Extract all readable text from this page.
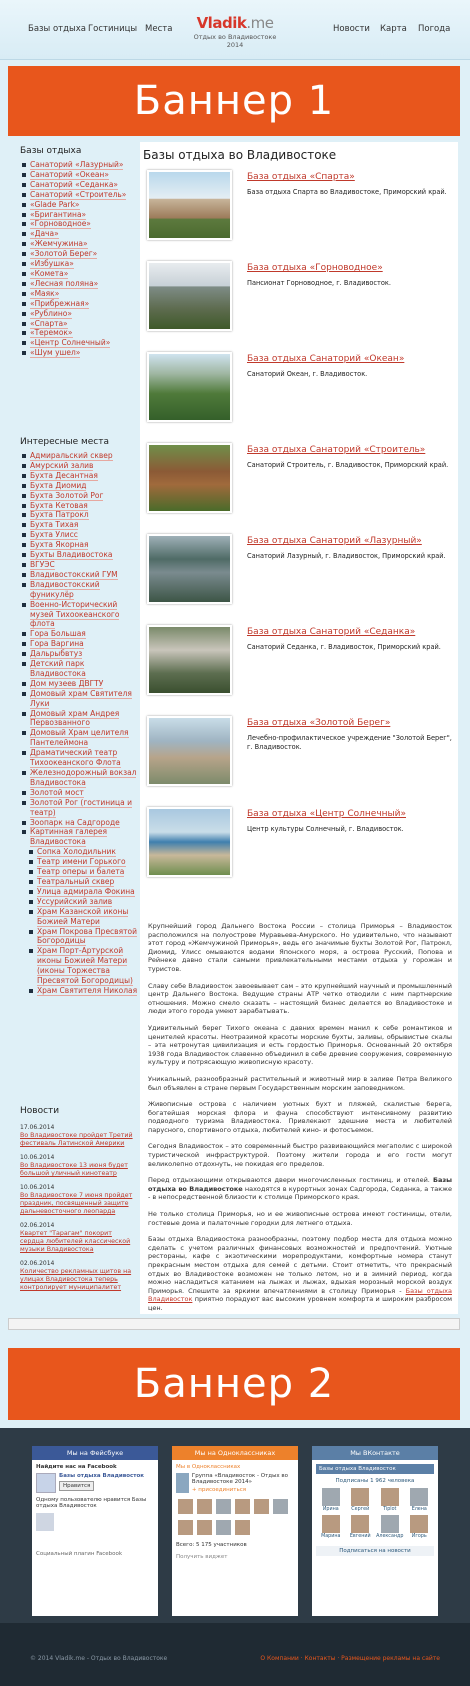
Базы отдыха Гостиницы Места	Vladik.me
Отдых во Владивостоке 2014
Новости Карта Погода
Баннер 1
Базы отдыха
Санаторий «Лазурный»
Санаторий «Океан»
Санаторий «Седанка»
Санаторий «Строитель»
«Glade Park»
«Бригантина»
«Горноводное»
«Дача»
«Жемчужина»
«Золотой Берег»
«Избушка»
«Комета»
«Лесная поляна»
«Маяк»
«Прибрежная»
«Рублино»
«Спарта»
«Теремок»
«Центр Солнечный»
«Шум ушел»
Интересные места
Адмиральский сквер
Амурский залив
Бухта Десантная
Бухта Диомид
Бухта Золотой Рог
Бухта Кетовая
Бухта Патрокл
Бухта Тихая
Бухта Улисс
Бухта Якорная
Бухты Владивостока
ВГУЭС
Владивостокский ГУМ
Владивостокский фуникулёр
Военно-Исторический музей Тихоокеанского флота
Гора Большая
Гора Варгина
Дальрыбвтуз
Детский парк Владивостока
Дом музеев ДВГТУ
Домовый храм Святителя Луки
Домовый храм Андрея Первозванного
Домовый Храм целителя Пантелеймона
Драматический театр Тихоокеанского Флота
Железнодорожный вокзал Владивостока
Золотой мост
Золотой Рог (гостиница и театр)
Зоопарк на Садгороде
Картинная галерея Владивостока
Сопка Холодильник
Театр имени Горького
Театр оперы и балета
Театральный сквер
Улица адмирала Фокина
Уссурийский залив
Храм Казанской иконы Божией Матери
Храм Покрова Пресвятой Богородицы
Храм Порт-Артурской иконы Божией Матери (иконы Торжества Пресвятой Богородицы)
Храм Святителя Николая
Новости
17.06.2014
Во Владивостоке пройдет Третий фестиваль Латинской Америки
10.06.2014
Во Владивостоке 13 июня будет большой уличный кинотеатр
10.06.2014
Во Владивостоке 7 июня пройдет праздник, посвященный защите дальневосточного леопарда
02.06.2014
Квартет "Тарагам" покорит сердца любителей классической музыки Владивостока
02.06.2014
Количество рекламных щитов на улицах Владивостока теперь контролирует муниципалитет
Базы отдыха во Владивостоке
База отдыха «Спарта»
База отдыха Спарта во Владивостоке, Приморский край.
База отдыха «Горноводное»
Пансионат Горноводное, г. Владивосток.
База отдыха Санаторий «Океан»
Санаторий Океан, г. Владивосток.
База отдыха Санаторий «Строитель»
Санаторий Строитель, г. Владивосток, Приморский край.
База отдыха Санаторий «Лазурный»
Санаторий Лазурный, г. Владивосток, Приморский край.
База отдыха Санаторий «Седанка»
Санаторий Седанка, г. Владивосток, Приморский край.
База отдыха «Золотой Берег»
Лечебно-профилактическое учреждение "Золотой Берег", г. Владивосток.
База отдыха «Центр Солнечный»
Центр культуры Солнечный, г. Владивосток.

Крупнейший город Дальнего Востока России – столица Приморья – Владивосток расположился на полуострове Муравьева-Амурского. Но удивительно, что называют этот город «Жемчужиной Приморья», ведь его значимые бухты Золотой Рог, Патрокл, Диомид, Улисс омываются водами Японского моря, а острова Русский, Попова и Рейнеке давно стали самыми привлекательными местами отдыха у горожан и туристов.

Славу себе Владивосток завоевывает сам – это крупнейший научный и промышленный центр Дальнего Востока. Ведущие страны АТР четко отводили с ним партнерские отношения. Можно смело сказать – настоящий бизнес делается во Владивостоке и люди этого города умеют зарабатывать.

Удивительный берег Тихого океана с давних времен манил к себе романтиков и ценителей красоты. Неотразимой красоты морские бухты, заливы, обрывистые скалы – эта нетронутая цивилизация и есть гордостью Приморья. Основанный 20 октября 1938 года Владивосток славенно объединил в себе древние сооружения, современную культуру и потрясающую живописную красоту.

Уникальный, разнообразный растительный и животный мир в заливе Петра Великого был объявлен в стране первым Государственным морским заповедником.

Живописные острова с наличием уютных бухт и пляжей, скалистые берега, богатейшая морская флора и фауна способствуют интенсивному развитию подводного туризма Владивостока. Привлекают здешние места и любителей парусного, спортивного отдыха, любителей кино- и фотосъемок.

Сегодня Владивосток – это современный быстро развивающийся мегаполис с широкой туристической инфраструктурой. Поэтому жители города и его гости могут великолепно отдохнуть, не покидая его пределов.

Перед отдыхающими открываются двери многочисленных гостиниц, и отелей. Базы отдыха во Владивостоке находятся в курортных зонах Садгорода, Седанка, а также - в непосредственной близости к столице Приморского края.

Не только столица Приморья, но и ее живописные острова имеют гостиницы, отели, гостевые дома и палаточные городки для летнего отдыха.

Базы отдыха Владивостока разнообразны, поэтому подбор места для отдыха можно сделать с учетом различных финансовых возможностей и предпочтений. Уютные рестораны, кафе с экзотическими морепродуктами, комфортные номера станут прекрасным местом отдыха для семей с детьми. Стоит отметить, что прекрасный отдых во Владивостоке возможен не только летом, но и в зимний период, когда можно насладиться катанием на лыжах и лыжах, вдыхая морозный морской воздух Приморья. Спешите за яркими впечатлениями в столицу Приморья - Базы отдыха Владивосток приятно порадуют вас высоким уровнем комфорта и широким разбросом цен.

Баннер 2
Мы на Фейсбуке
Найдите нас на Facebook
Базы отдыха Владивосток
Нравится
Одному пользователю нравится Базы отдыха Владивосток
Социальный плагин Facebook
Мы на Одноклассниках
Мы в Одноклассниках
Группа «Владивосток - Отдых во Владивостоке 2014»
+ присоединиться
Всего: 5 175 участников
Получить виджет
Мы ВКонтакте
Базы отдыха Владивосток
Подписаны 1 962 человека
Ирина	Сергей	Tiplot	Елена
Марина	Евгений	Александр	Игорь
Подписаться на новости
© 2014 Vladik.me - Отдых во Владивостоке	О Компании · Контакты · Размещение рекламы на сайте
